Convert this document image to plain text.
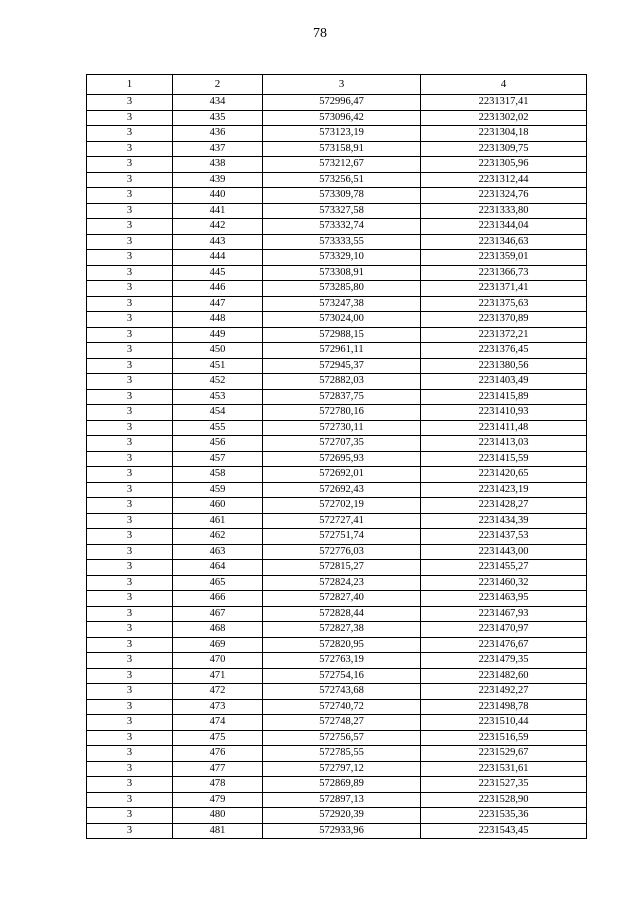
78
1	2	3	4
3	434	572996,47	2231317,41
3	435	573096,42	2231302,02
3	436	573123,19	2231304,18
3	437	573158,91	2231309,75
3	438	573212,67	2231305,96
3	439	573256,51	2231312,44
3	440	573309,78	2231324,76
3	441	573327,58	2231333,80
3	442	573332,74	2231344,04
3	443	573333,55	2231346,63
3	444	573329,10	2231359,01
3	445	573308,91	2231366,73
3	446	573285,80	2231371,41
3	447	573247,38	2231375,63
3	448	573024,00	2231370,89
3	449	572988,15	2231372,21
3	450	572961,11	2231376,45
3	451	572945,37	2231380,56
3	452	572882,03	2231403,49
3	453	572837,75	2231415,89
3	454	572780,16	2231410,93
3	455	572730,11	2231411,48
3	456	572707,35	2231413,03
3	457	572695,93	2231415,59
3	458	572692,01	2231420,65
3	459	572692,43	2231423,19
3	460	572702,19	2231428,27
3	461	572727,41	2231434,39
3	462	572751,74	2231437,53
3	463	572776,03	2231443,00
3	464	572815,27	2231455,27
3	465	572824,23	2231460,32
3	466	572827,40	2231463,95
3	467	572828,44	2231467,93
3	468	572827,38	2231470,97
3	469	572820,95	2231476,67
3	470	572763,19	2231479,35
3	471	572754,16	2231482,60
3	472	572743,68	2231492,27
3	473	572740,72	2231498,78
3	474	572748,27	2231510,44
3	475	572756,57	2231516,59
3	476	572785,55	2231529,67
3	477	572797,12	2231531,61
3	478	572869,89	2231527,35
3	479	572897,13	2231528,90
3	480	572920,39	2231535,36
3	481	572933,96	2231543,45
